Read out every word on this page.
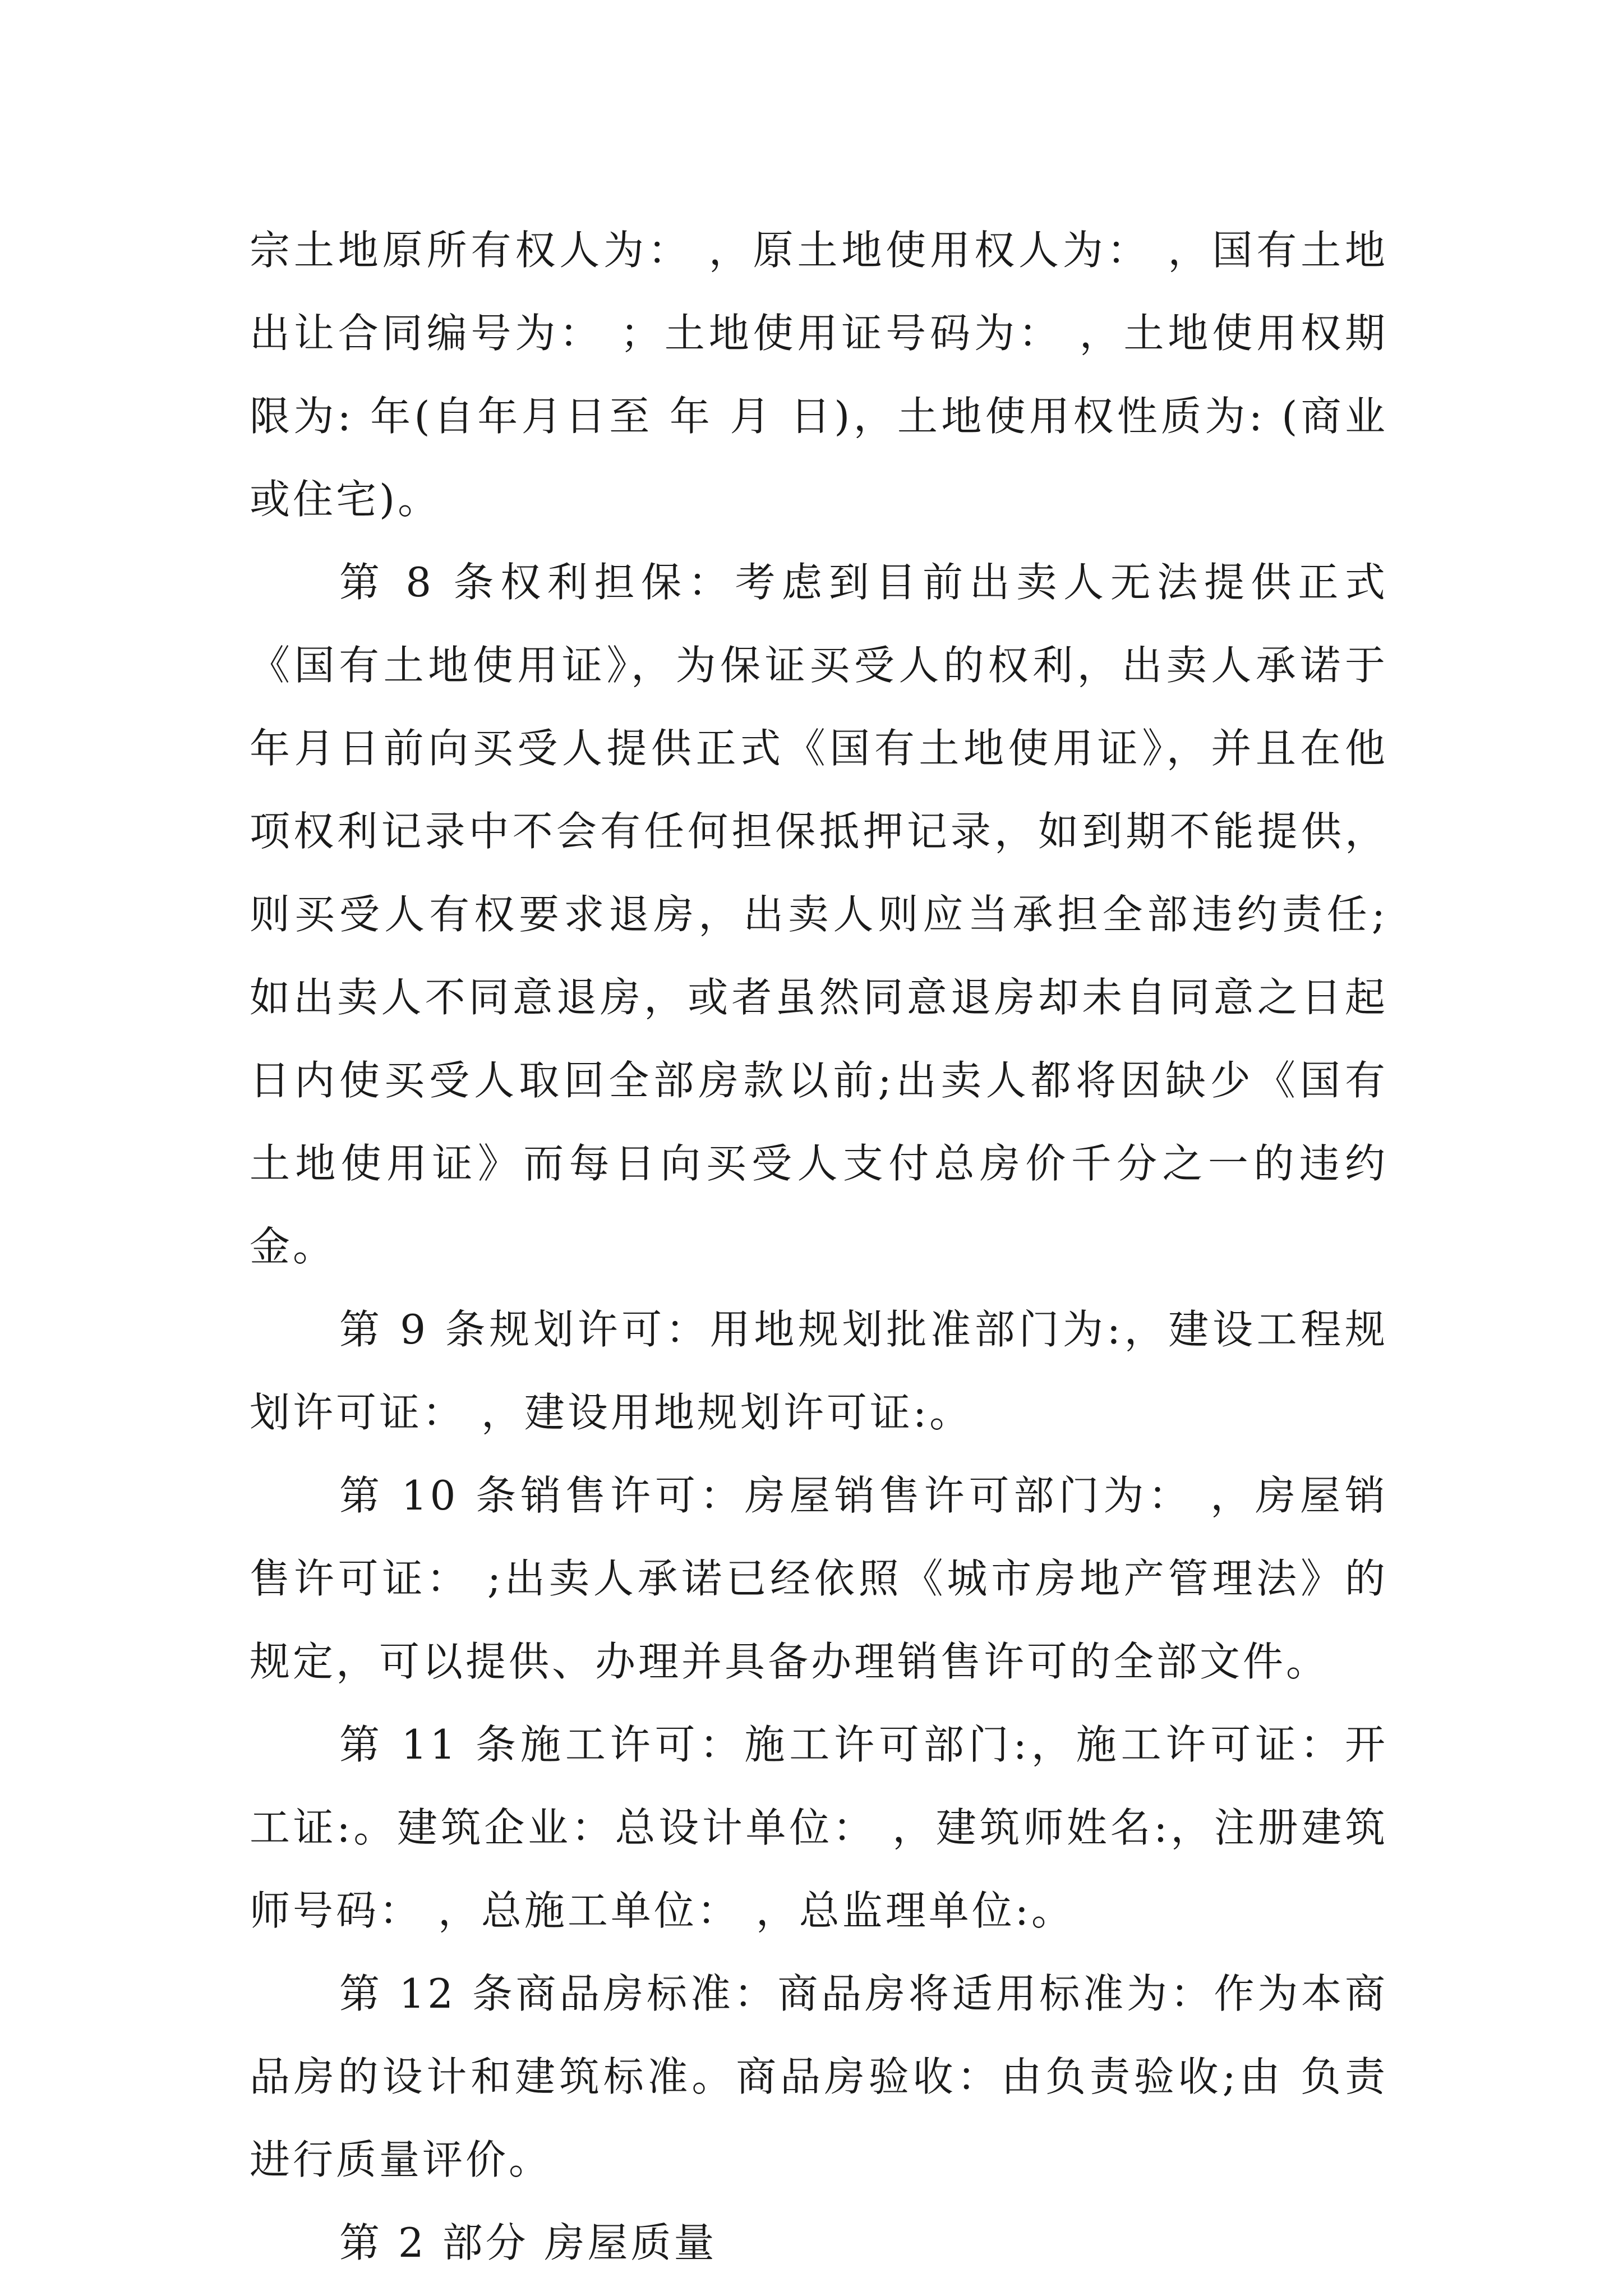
宗土地原所有权人为： ，原土地使用权人为： ，国有土地出让合同编号为： ；土地使用证号码为： ，土地使用权期限为: 年(自年月日至 年 月 日)，土地使用权性质为: (商业或住宅)。

第 8 条权利担保：考虑到目前出卖人无法提供正式《国有土地使用证》，为保证买受人的权利，出卖人承诺于年月日前向买受人提供正式《国有土地使用证》，并且在他项权利记录中不会有任何担保抵押记录，如到期不能提供，则买受人有权要求退房，出卖人则应当承担全部违约责任;如出卖人不同意退房，或者虽然同意退房却未自同意之日起 日内使买受人取回全部房款以前;出卖人都将因缺少《国有土地使用证》而每日向买受人支付总房价千分之一的违约金。

第 9 条规划许可：用地规划批准部门为:，建设工程规划许可证： ，建设用地规划许可证:。

第 10 条销售许可：房屋销售许可部门为： ，房屋销售许可证： ;出卖人承诺已经依照《城市房地产管理法》的规定，可以提供、办理并具备办理销售许可的全部文件。

第 11 条施工许可：施工许可部门:，施工许可证：开工证:。建筑企业：总设计单位： ，建筑师姓名:，注册建筑师号码： ，总施工单位： ，总监理单位:。

第 12 条商品房标准：商品房将适用标准为：作为本商品房的设计和建筑标准。商品房验收：由负责验收;由 负责进行质量评价。

第 2 部分 房屋质量
